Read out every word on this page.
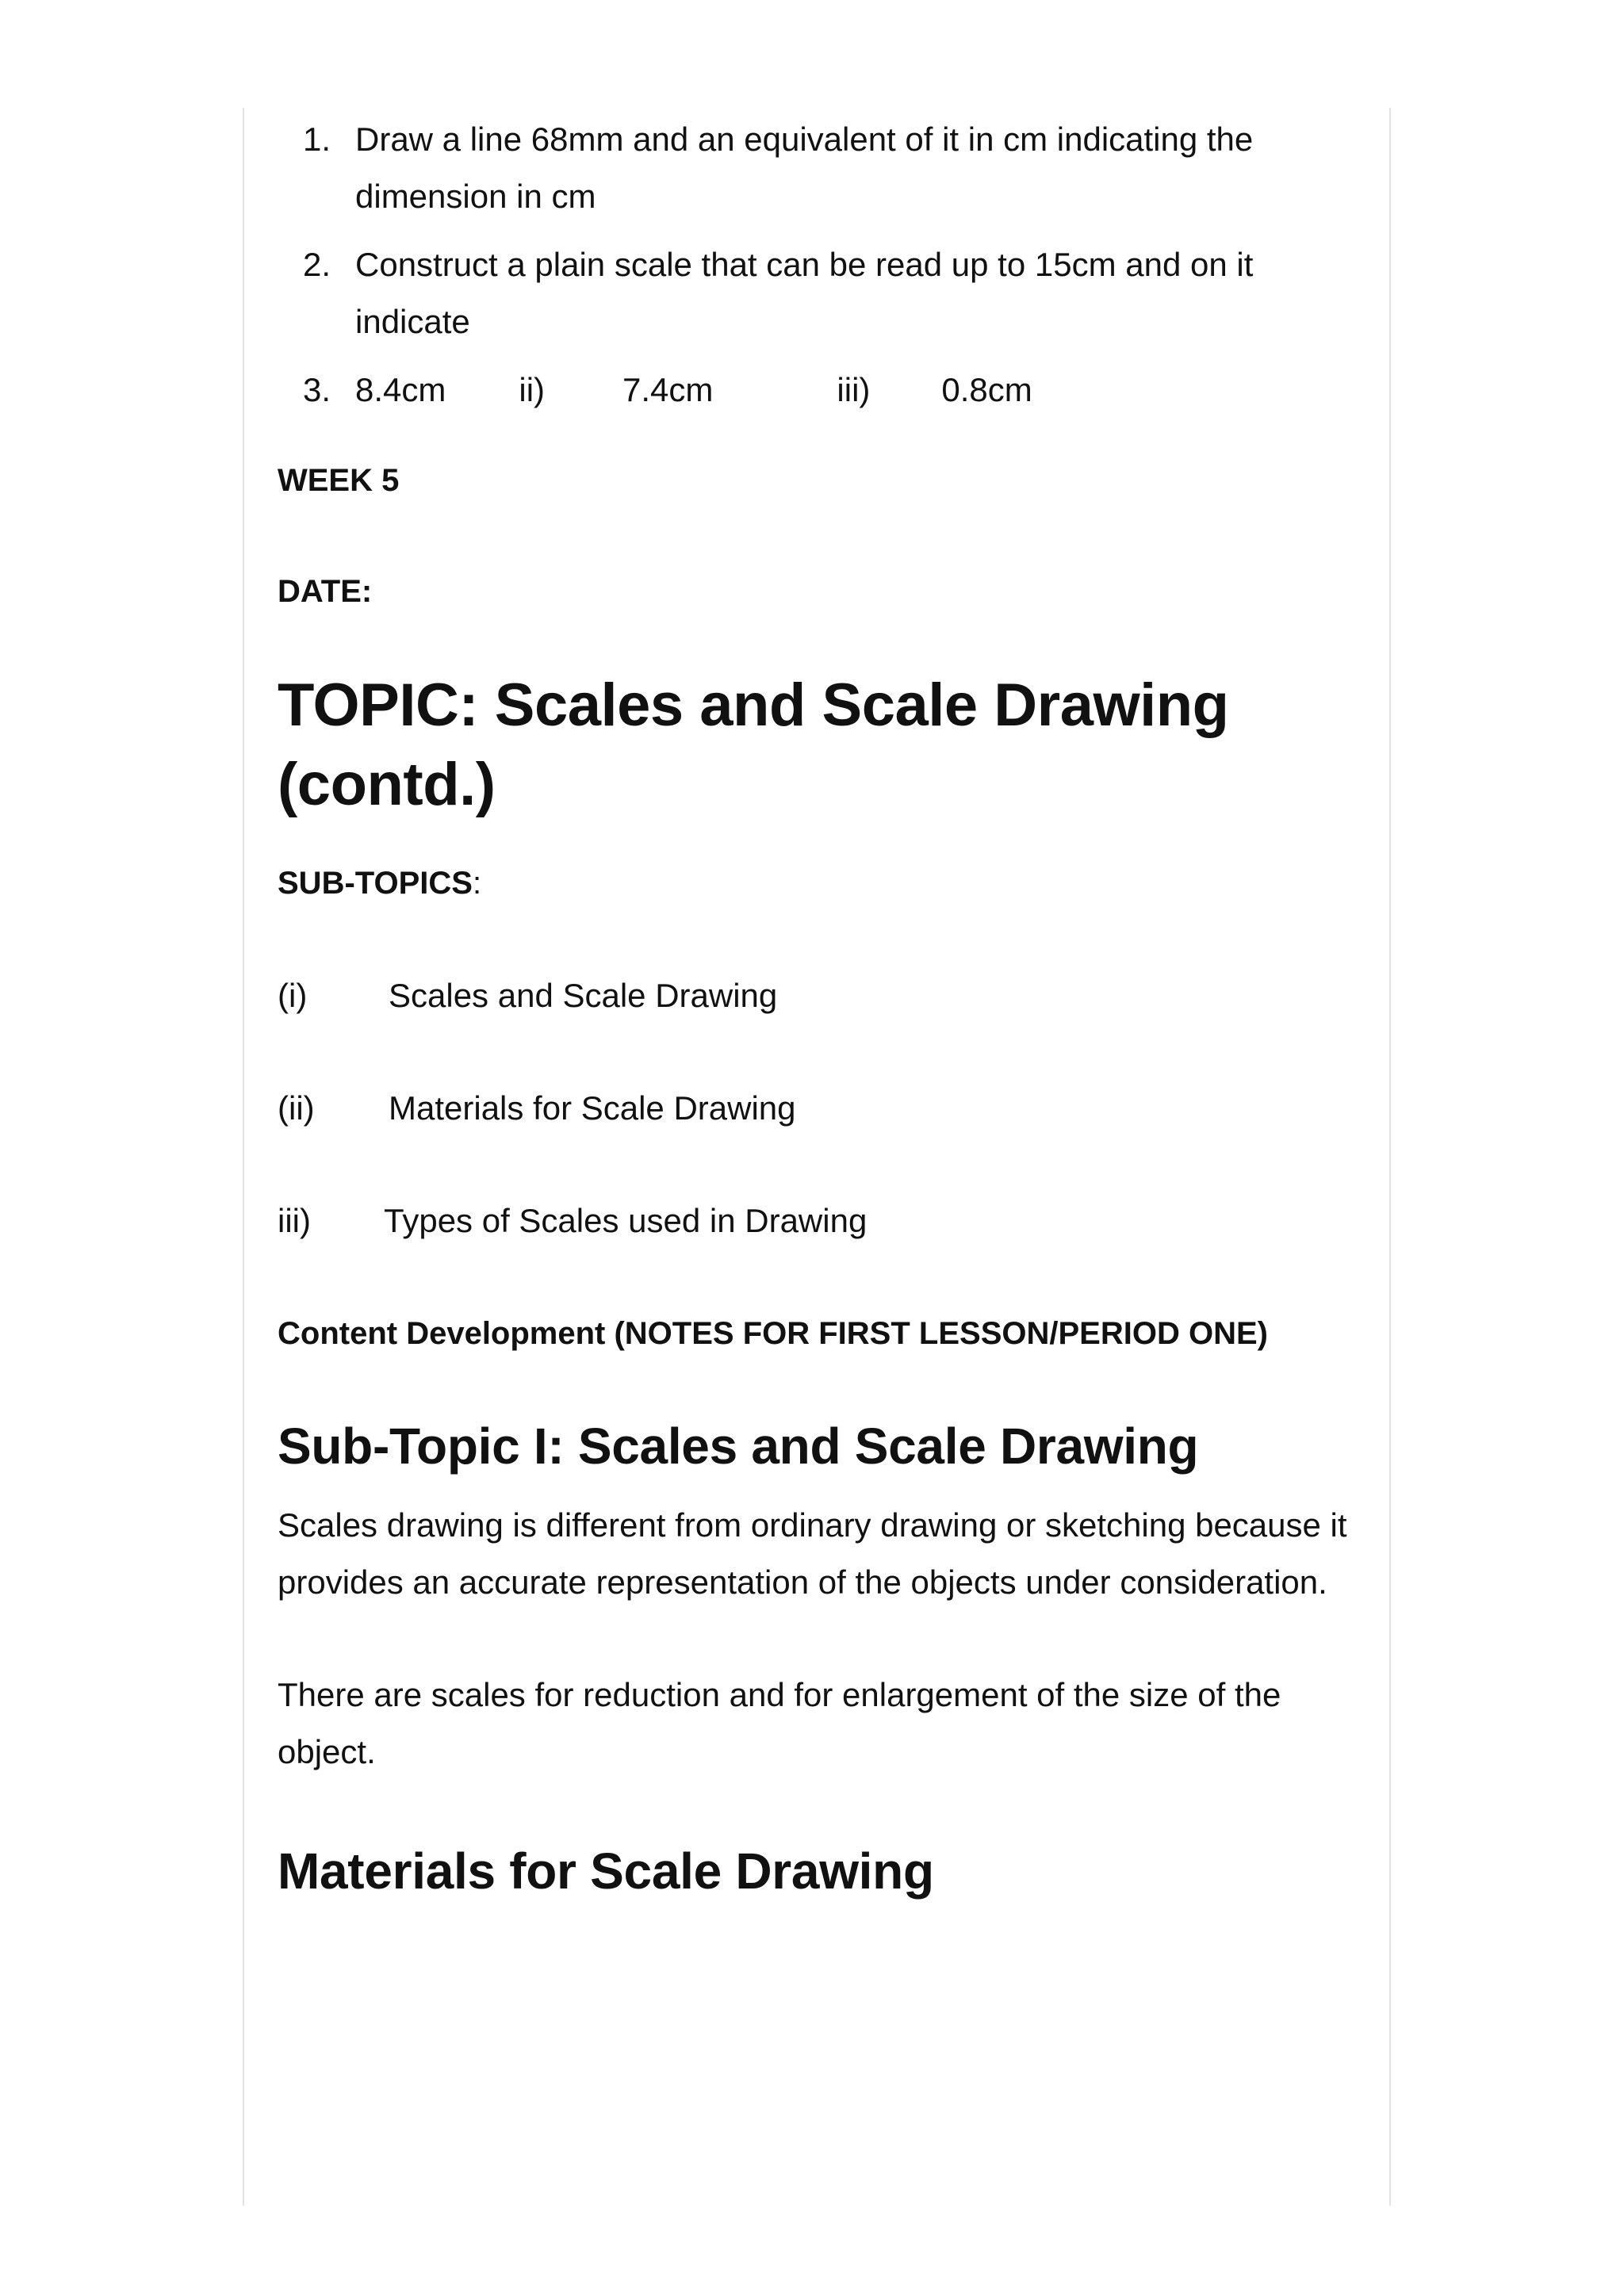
1. Draw a line 68mm and an equivalent of it in cm indicating the dimension in cm
2. Construct a plain scale that can be read up to 15cm and on it indicate
3. 8.4cm ii) 7.4cm	iii) 0.8cm
WEEK 5
DATE:
TOPIC: Scales and Scale Drawing
(contd.)
SUB-TOPICS:
(i)	Scales and Scale Drawing
(ii)	Materials for Scale Drawing
iii)	Types of Scales used in Drawing
Content Development (NOTES FOR FIRST LESSON/PERIOD ONE)
Sub-Topic I: Scales and Scale Drawing

Scales drawing is different from ordinary drawing or sketching because it provides an accurate representation of the objects under consideration.

There are scales for reduction and for enlargement of the size of the object.

Materials for Scale Drawing
